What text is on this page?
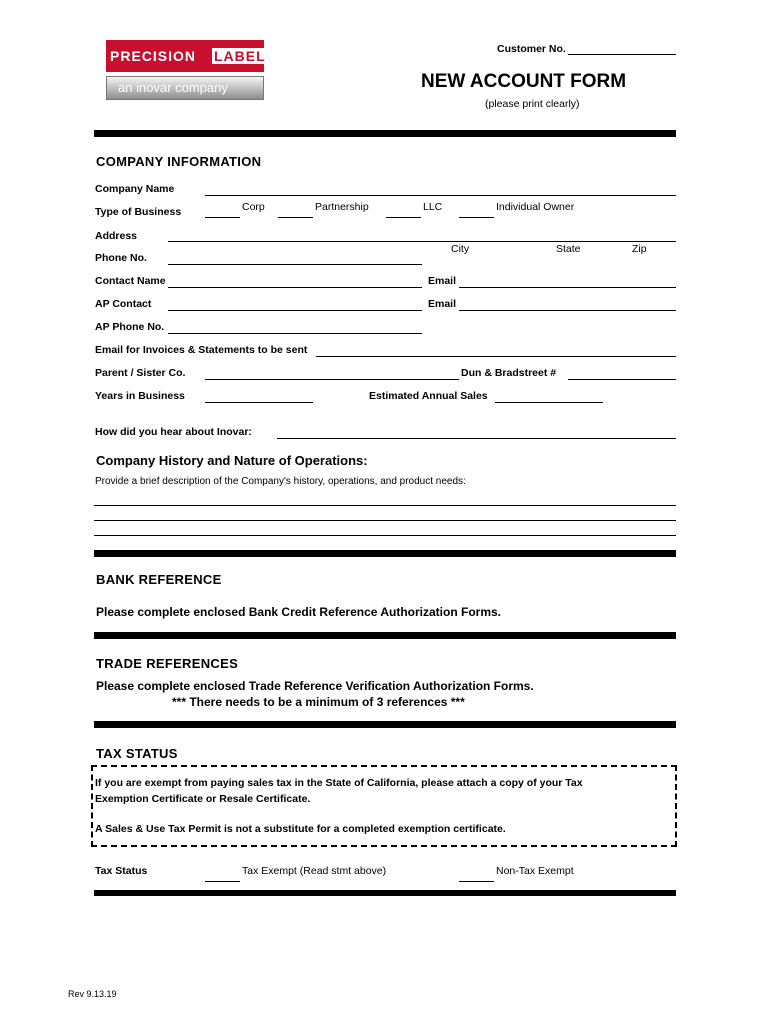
PRECISION LABEL
an inovar company
Customer No.
NEW ACCOUNT FORM
(please print clearly)
COMPANY INFORMATION
Company Name
Type of Business	Corp	Partnership	LLC	Individual Owner
Address
City	State	Zip
Phone No.
Contact Name	Email
AP Contact	Email
AP Phone No.
Email for Invoices & Statements to be sent
Parent / Sister Co.	Dun & Bradstreet #
Years in Business	Estimated Annual Sales
How did you hear about Inovar:
Company History and Nature of Operations:
Provide a brief description of the Company's history, operations, and product needs:
BANK REFERENCE
Please complete enclosed Bank Credit Reference Authorization Forms.
TRADE REFERENCES
Please complete enclosed Trade Reference Verification Authorization Forms.
*** There needs to be a minimum of 3 references ***
TAX STATUS
If you are exempt from paying sales tax in the State of California, please attach a copy of your Tax
Exemption Certificate or Resale Certificate.
A Sales & Use Tax Permit is not a substitute for a completed exemption certificate.
Tax Status	Tax Exempt (Read stmt above)	Non-Tax Exempt
Rev 9.13.19
